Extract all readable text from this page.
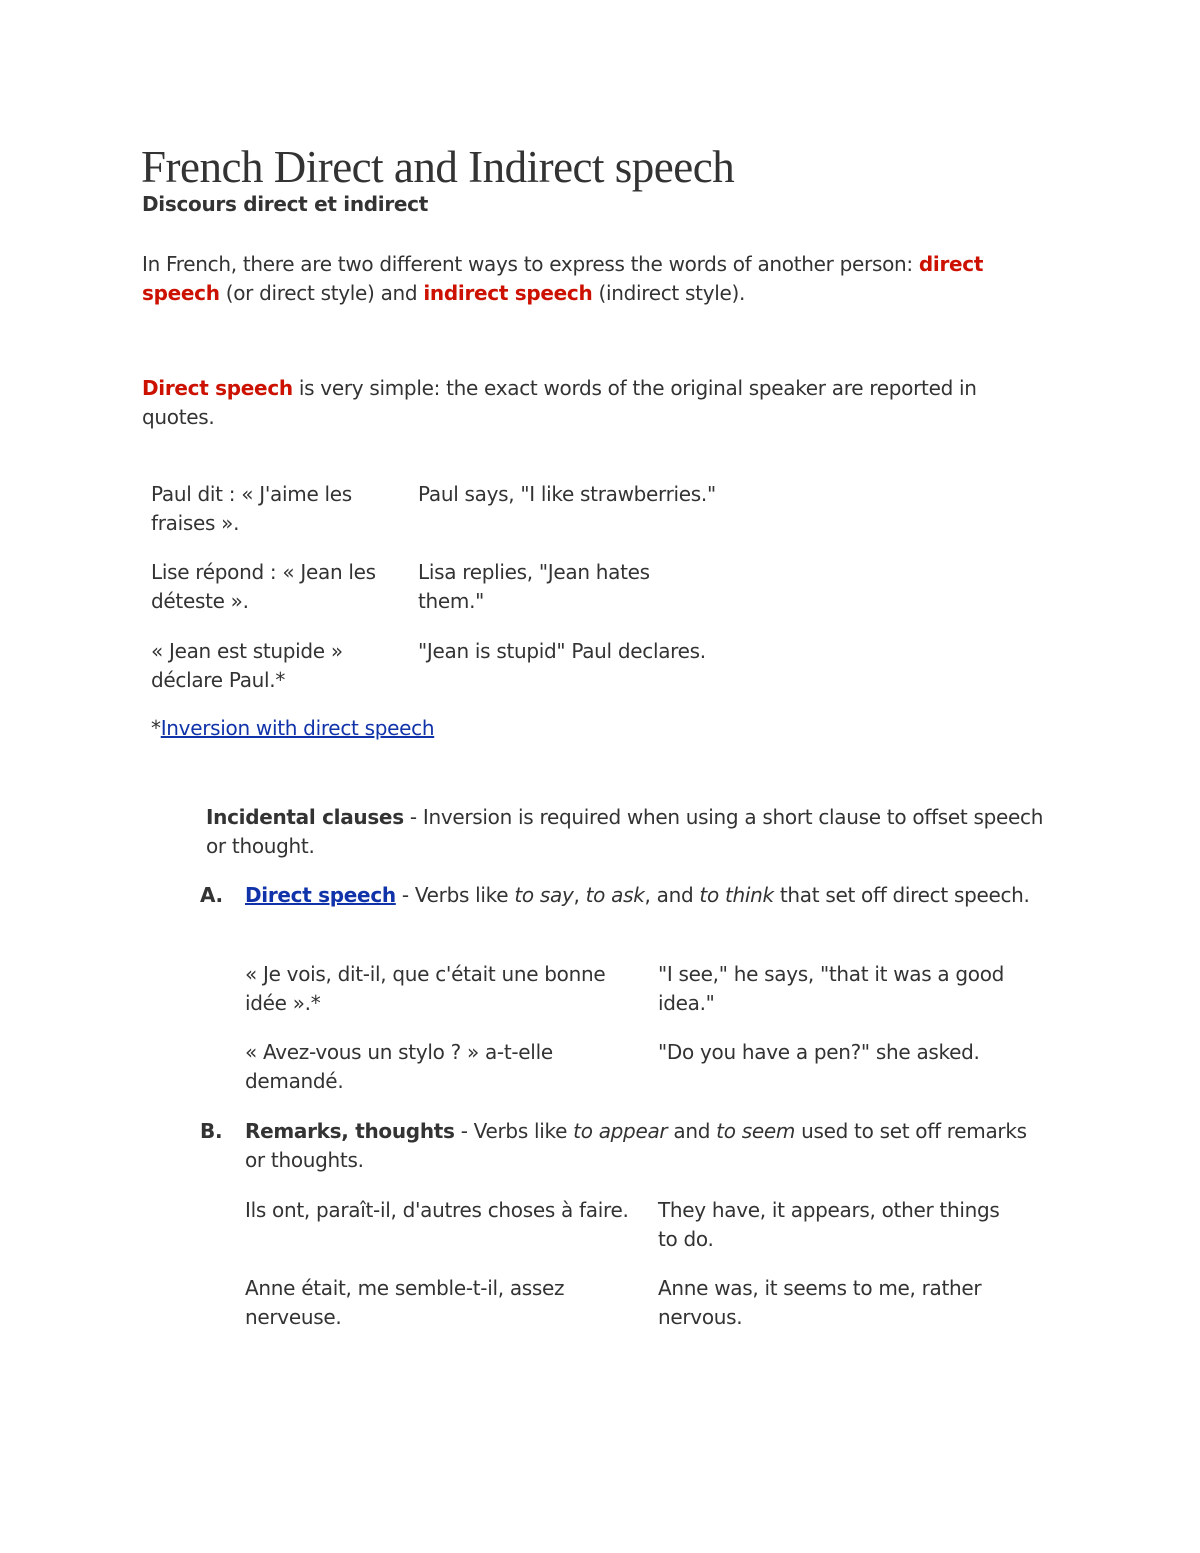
French Direct and Indirect speech
Discours direct et indirect

In French, there are two different ways to express the words of another person: direct speech (or direct style) and indirect speech (indirect style).

Direct speech is very simple: the exact words of the original speaker are reported in quotes.

Paul dit : « J'aime les fraises ».
Paul says, "I like strawberries."
Lise répond : « Jean les déteste ».
Lisa replies, "Jean hates them."
« Jean est stupide » déclare Paul.*
"Jean is stupid" Paul declares.
*Inversion with direct speech

Incidental clauses - Inversion is required when using a short clause to offset speech or thought.

A. Direct speech - Verbs like to say, to ask, and to think that set off direct speech.

« Je vois, dit-il, que c'était une bonne idée ».*
"I see," he says, "that it was a good idea."
« Avez-vous un stylo ? » a-t-elle demandé.
"Do you have a pen?" she asked.
B. Remarks, thoughts - Verbs like to appear and to seem used to set off remarks or thoughts.

Ils ont, paraît-il, d'autres choses à faire.	They have, it appears, other things to do.
Anne était, me semble-t-il, assez nerveuse.
Anne was, it seems to me, rather nervous.
